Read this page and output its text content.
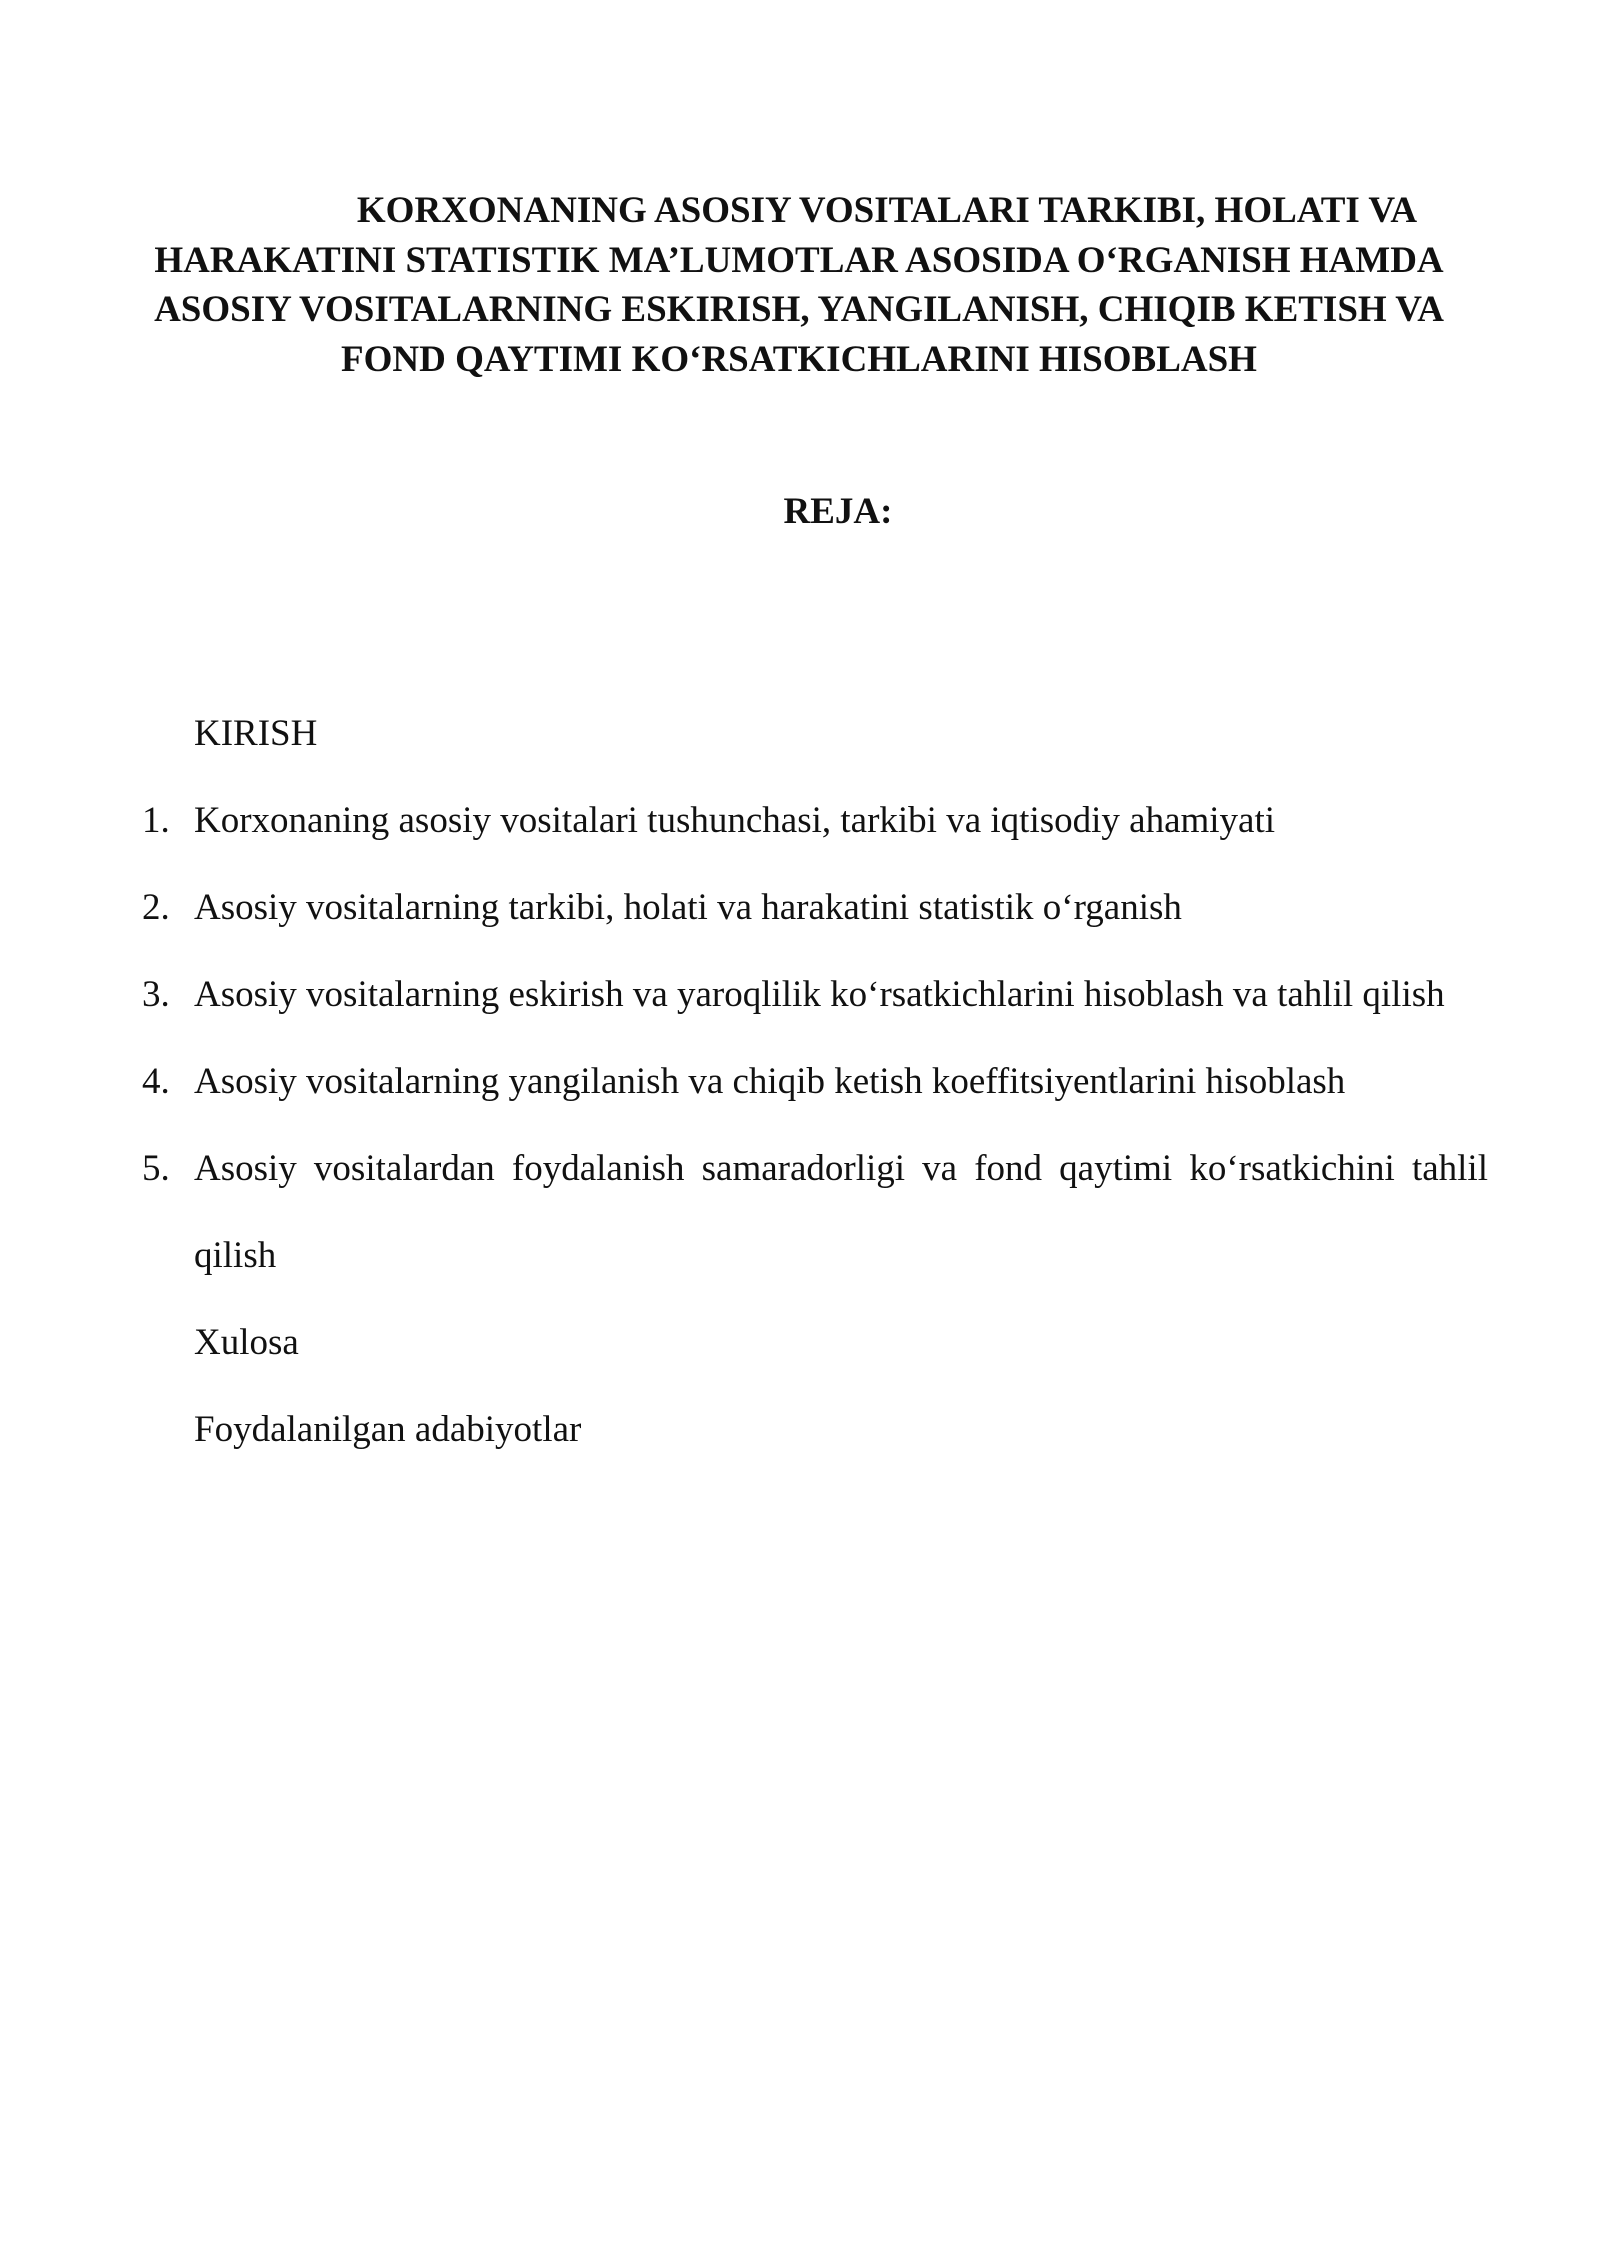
KORXONANING ASOSIY VOSITALARI TARKIBI, HOLATI VA HARAKATINI STATISTIK MA’LUMOTLAR ASOSIDA O‘RGANISH HAMDA ASOSIY VOSITALARNING ESKIRISH, YANGILANISH, CHIQIB KETISH VA FOND QAYTIMI KO‘RSATKICHLARINI HISOBLASH
REJA:
KIRISH
1. Korxonaning asosiy vositalari tushunchasi, tarkibi va iqtisodiy ahamiyati
2. Asosiy vositalarning tarkibi, holati va harakatini statistik o‘rganish
3. Asosiy vositalarning eskirish va yaroqlilik ko‘rsatkichlarini hisoblash va tahlil qilish
4. Asosiy vositalarning yangilanish va chiqib ketish koeffitsiyentlarini hisoblash
5. Asosiy vositalardan foydalanish samaradorligi va fond qaytimi ko‘rsatkichini tahlil qilish
Xulosa
Foydalanilgan adabiyotlar
